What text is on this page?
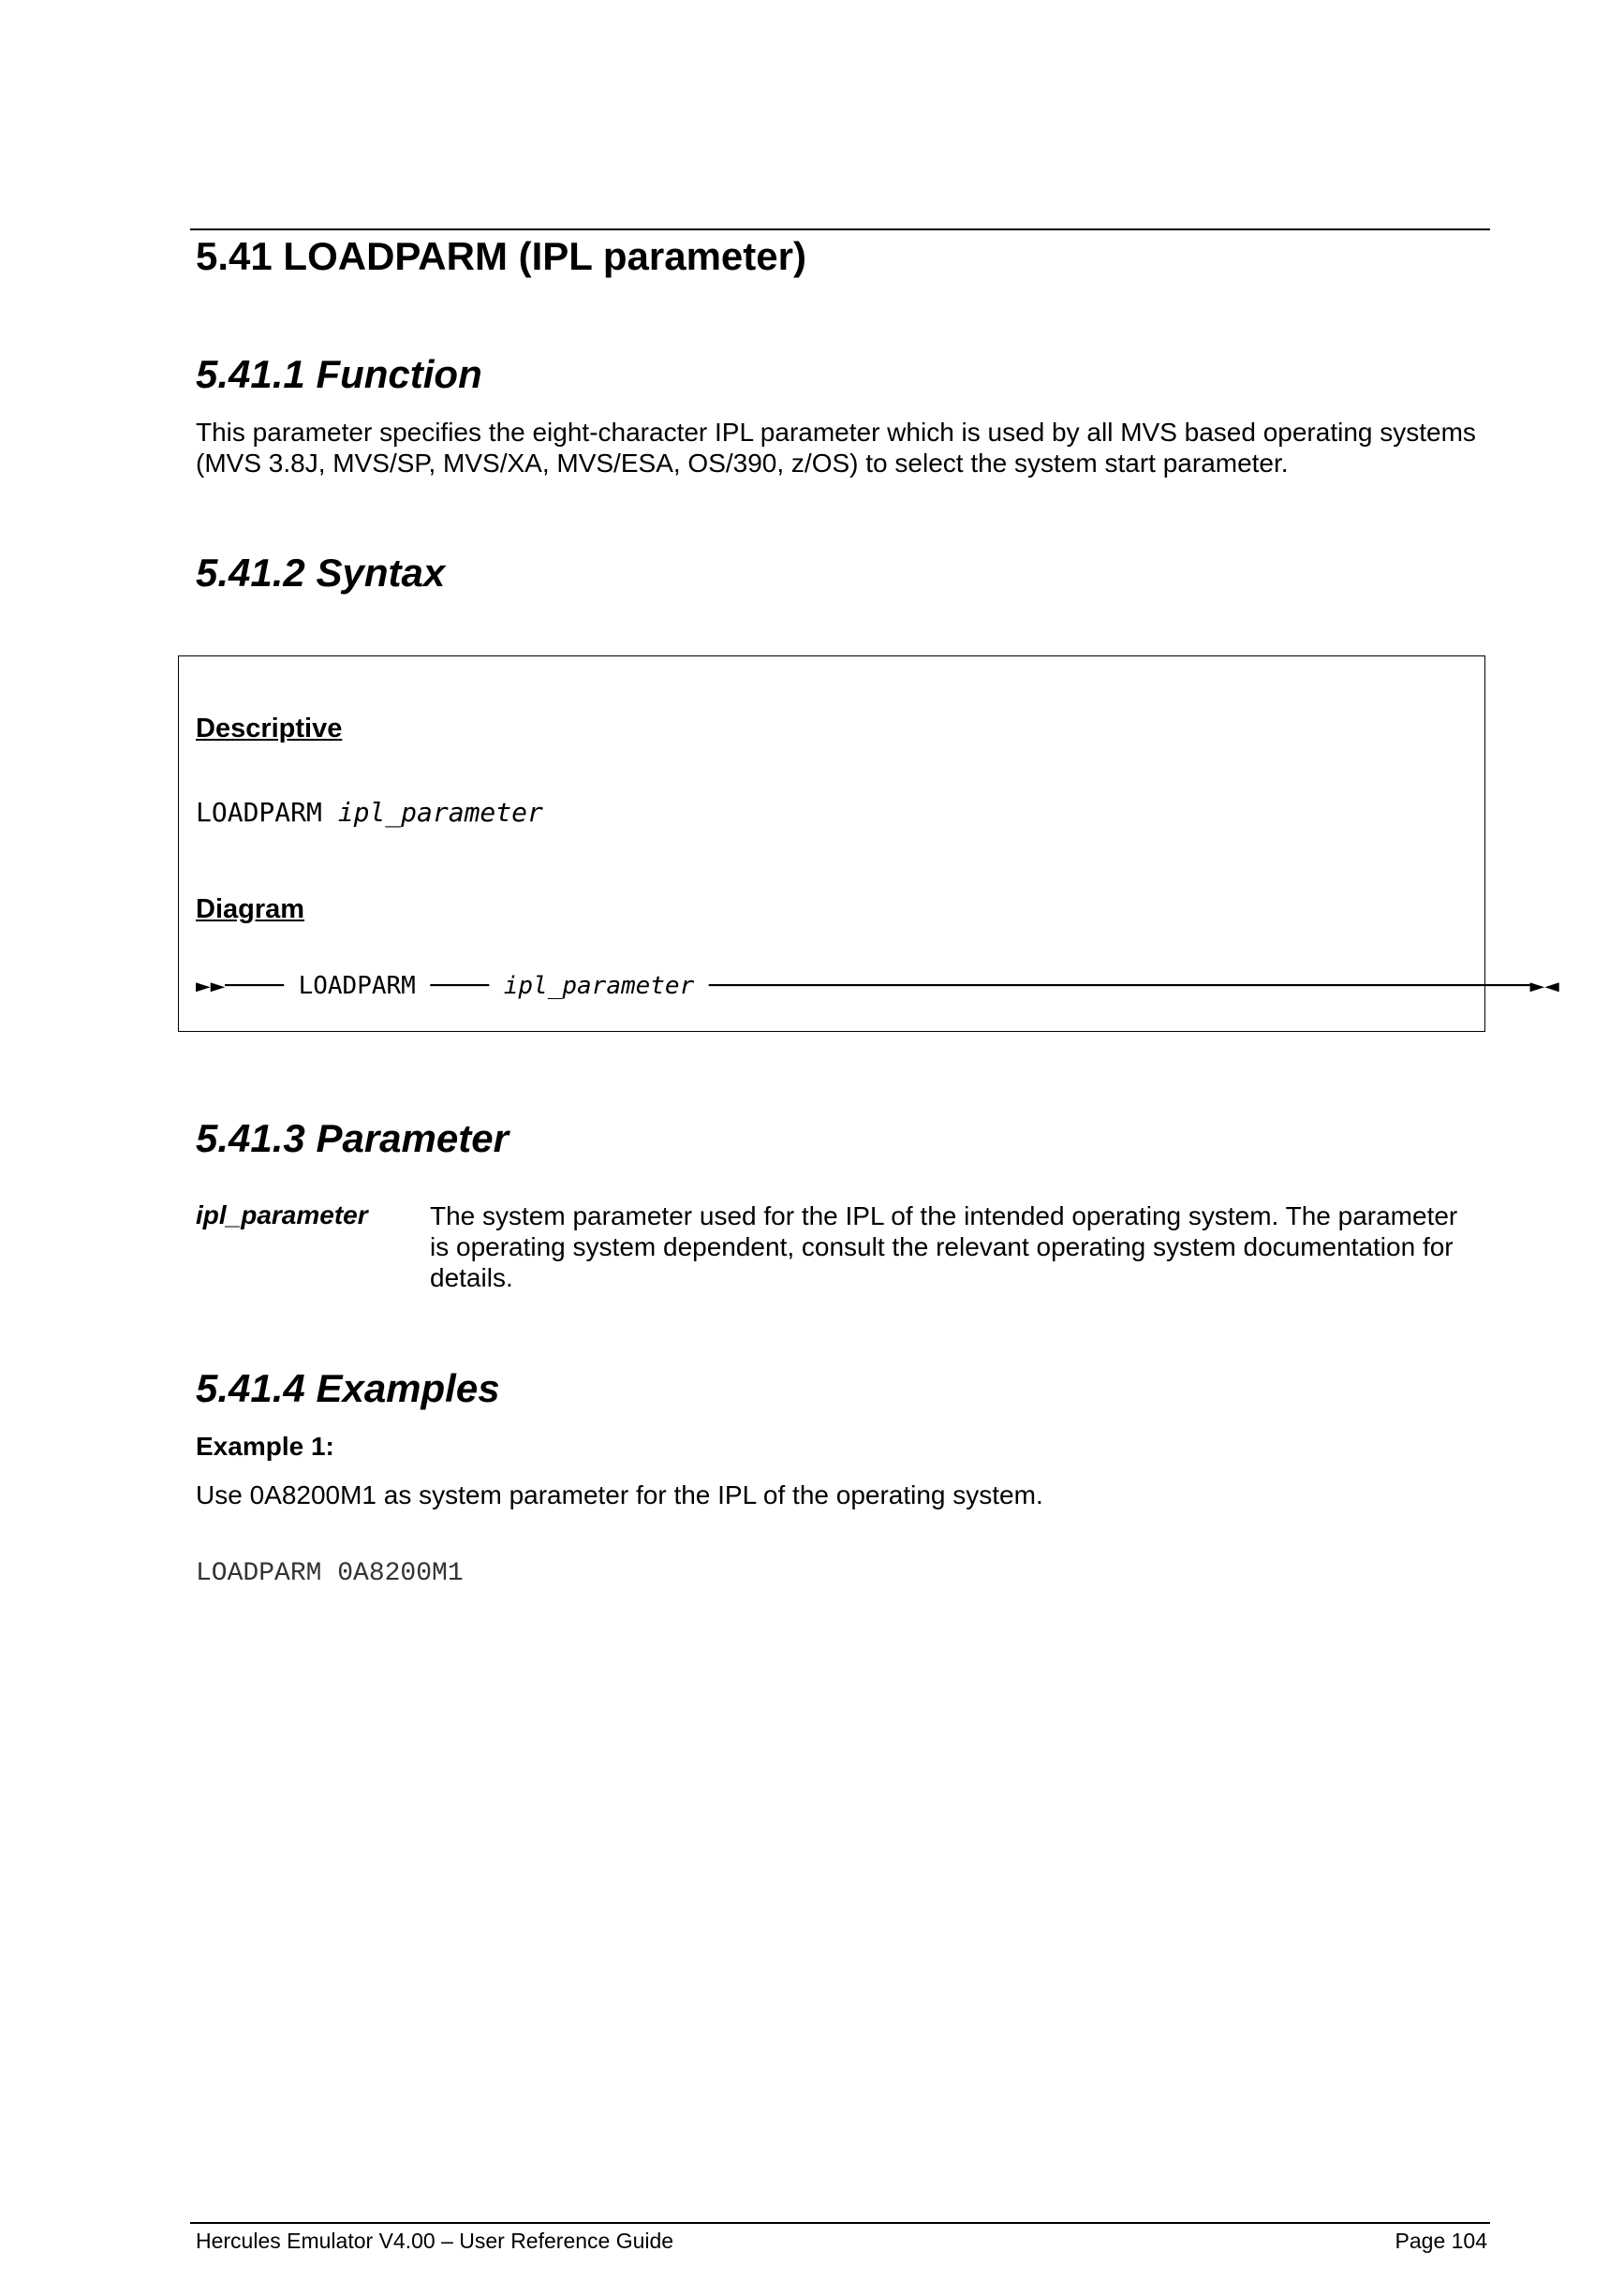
5.41 LOADPARM (IPL parameter)
5.41.1 Function
This parameter specifies the eight-character IPL parameter which is used by all MVS based operating systems (MVS 3.8J, MVS/SP, MVS/XA, MVS/ESA, OS/390, z/OS) to select the system start parameter.
5.41.2 Syntax
Descriptive
LOADPARM ipl_parameter
Diagram
►►──── LOADPARM ──── ipl_parameter ────────────────────────────────────────────────────────►◄
5.41.3 Parameter
ipl_parameter The system parameter used for the IPL of the intended operating system. The parameter is operating system dependent, consult the relevant operating system documentation for details.
5.41.4 Examples
Example 1:
Use 0A8200M1 as system parameter for the IPL of the operating system.
LOADPARM 0A8200M1
Hercules Emulator V4.00 – User Reference Guide	Page 104
